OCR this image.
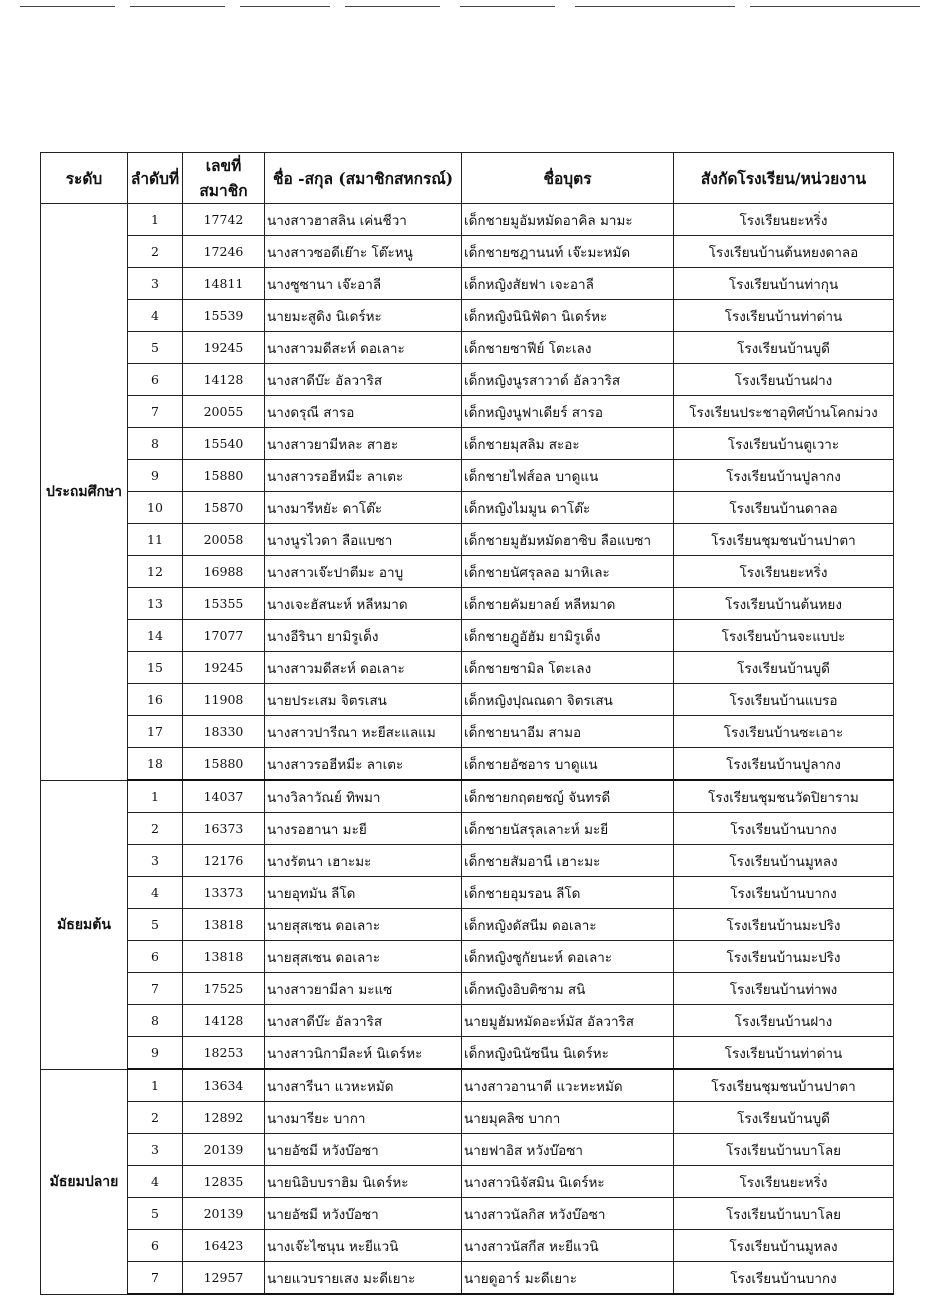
ระดับ	ลำดับที่	เลขที่สมาชิก	ชื่อ -สกุล (สมาชิกสหกรณ์)	ชื่อบุตร	สังกัดโรงเรียน/หน่วยงาน
ประถมศึกษา	1	17742	นางสาวฮาสลิน เค่นชีวา	เด็กชายมูอัมหมัดอาคิล มามะ	โรงเรียนยะหริ่ง
	2	17246	นางสาวซอดีเย๊าะ โต๊ะหนู	เด็กชายซฎานนท์ เจ๊ะมะหมัด	โรงเรียนบ้านต้นหยงดาลอ
	3	14811	นางซูซานา เจ๊ะอาลี	เด็กหญิงสัยฟา เจะอาลี	โรงเรียนบ้านท่ากุน
	4	15539	นายมะสูดิง นิเดร์หะ	เด็กหญิงนินิฟัดา นิเดร์หะ	โรงเรียนบ้านท่าด่าน
	5	19245	นางสาวมดีสะห์ ดอเลาะ	เด็กชายซาฟีย์ โตะเลง	โรงเรียนบ้านบูดี
	6	14128	นางสาดีบ๊ะ อัลวาริส	เด็กหญิงนูรสาวาด์ อัลวาริส	โรงเรียนบ้านฝาง
	7	20055	นางดรุณี สารอ	เด็กหญิงนูฟาเดียร์ สารอ	โรงเรียนประชาอุทิศบ้านโคกม่วง
	8	15540	นางสาวยามีหละ สาฮะ	เด็กชายมุสลิม สะอะ	โรงเรียนบ้านตูเวาะ
	9	15880	นางสาวรอฮีหมีะ ลาเตะ	เด็กชายไฟส์อล บาดูแน	โรงเรียนบ้านปูลากง
	10	15870	นางมารีหยัะ ดาโต๊ะ	เด็กหญิงไมมูน ดาโต๊ะ	โรงเรียนบ้านดาลอ
	11	20058	นางนูรไวดา ลือแบซา	เด็กชายมูฮัมหมัดฮาซิบ ลือแบซา	โรงเรียนชุมชนบ้านปาตา
	12	16988	นางสาวเจ๊ะปาตีมะ อาบู	เด็กชายนัศรุลลอ มาหิเละ	โรงเรียนยะหริ่ง
	13	15355	นางเจะฮัสนะห์ หลีหมาด	เด็กชายคัมยาลย์ หลีหมาด	โรงเรียนบ้านต้นหยง
	14	17077	นางอีรินา ยามิรูเด็ง	เด็กชายฎูอัฮัม ยามิรูเด็ง	โรงเรียนบ้านจะแบปะ
	15	19245	นางสาวมดีสะห์ ดอเลาะ	เด็กชายซามิล โตะเลง	โรงเรียนบ้านบูดี
	16	11908	นายประเสม จิตรเสน	เด็กหญิงปุณณดา จิตรเสน	โรงเรียนบ้านแบรอ
	17	18330	นางสาวปารีณา หะยีสะแลแม	เด็กชายนาอีม สามอ	โรงเรียนบ้านซะเอาะ
	18	15880	นางสาวรอฮีหมีะ ลาเตะ	เด็กชายอัซอาร บาดูแน	โรงเรียนบ้านปูลากง
มัธยมต้น	1	14037	นางวิลาวัณย์ ทิพมา	เด็กชายกฤตยชญ์ จันทรดี	โรงเรียนชุมชนวัดปิยาราม
	2	16373	นางรอฮานา มะยี	เด็กชายนัสรุลเลาะห์ มะยี	โรงเรียนบ้านบากง
	3	12176	นางรัตนา เฮาะมะ	เด็กชายสัมอานี เฮาะมะ	โรงเรียนบ้านมูหลง
	4	13373	นายอุทมัน ลีโด	เด็กชายอุมรอน ลีโด	โรงเรียนบ้านบากง
	5	13818	นายสุสเซน ดอเลาะ	เด็กหญิงดัสนีม ดอเลาะ	โรงเรียนบ้านมะปริง
	6	13818	นายสุสเซน ดอเลาะ	เด็กหญิงซูกัยนะห์ ดอเลาะ	โรงเรียนบ้านมะปริง
	7	17525	นางสาวยามีลา มะแซ	เด็กหญิงอิบติซาม สนิ	โรงเรียนบ้านท่าพง
	8	14128	นางสาดีบ๊ะ อัลวาริส	นายมูฮัมหมัดอะห์มัส อัลวาริส	โรงเรียนบ้านฝาง
	9	18253	นางสาวนิกามีละห์ นิเดร์หะ	เด็กหญิงนินัซนีน นิเดร์หะ	โรงเรียนบ้านท่าด่าน
มัธยมปลาย	1	13634	นางสารีนา แวหะหมัด	นางสาวอานาตี แวะหะหมัด	โรงเรียนชุมชนบ้านปาตา
	2	12892	นางมารียะ บากา	นายมุคลิซ บากา	โรงเรียนบ้านบูดี
	3	20139	นายอัซมี หวังบ๊อซา	นายฟาอิส หวังบ๊อซา	โรงเรียนบ้านบาโลย
	4	12835	นายนิอิบบราฮิม นิเดร์หะ	นางสาวนิจัสมิน นิเดร์หะ	โรงเรียนยะหริ่ง
	5	20139	นายอัซมี หวังบ๊อซา	นางสาวนัลกิส หวังบ๊อซา	โรงเรียนบ้านบาโลย
	6	16423	นางเจ๊ะไซนุน หะยีแวนิ	นางสาวนัสกีส หะยีแวนิ	โรงเรียนบ้านมูหลง
	7	12957	นายแวบรายเสง มะดีเยาะ	นายดูอาร์ มะดีเยาะ	โรงเรียนบ้านบากง
